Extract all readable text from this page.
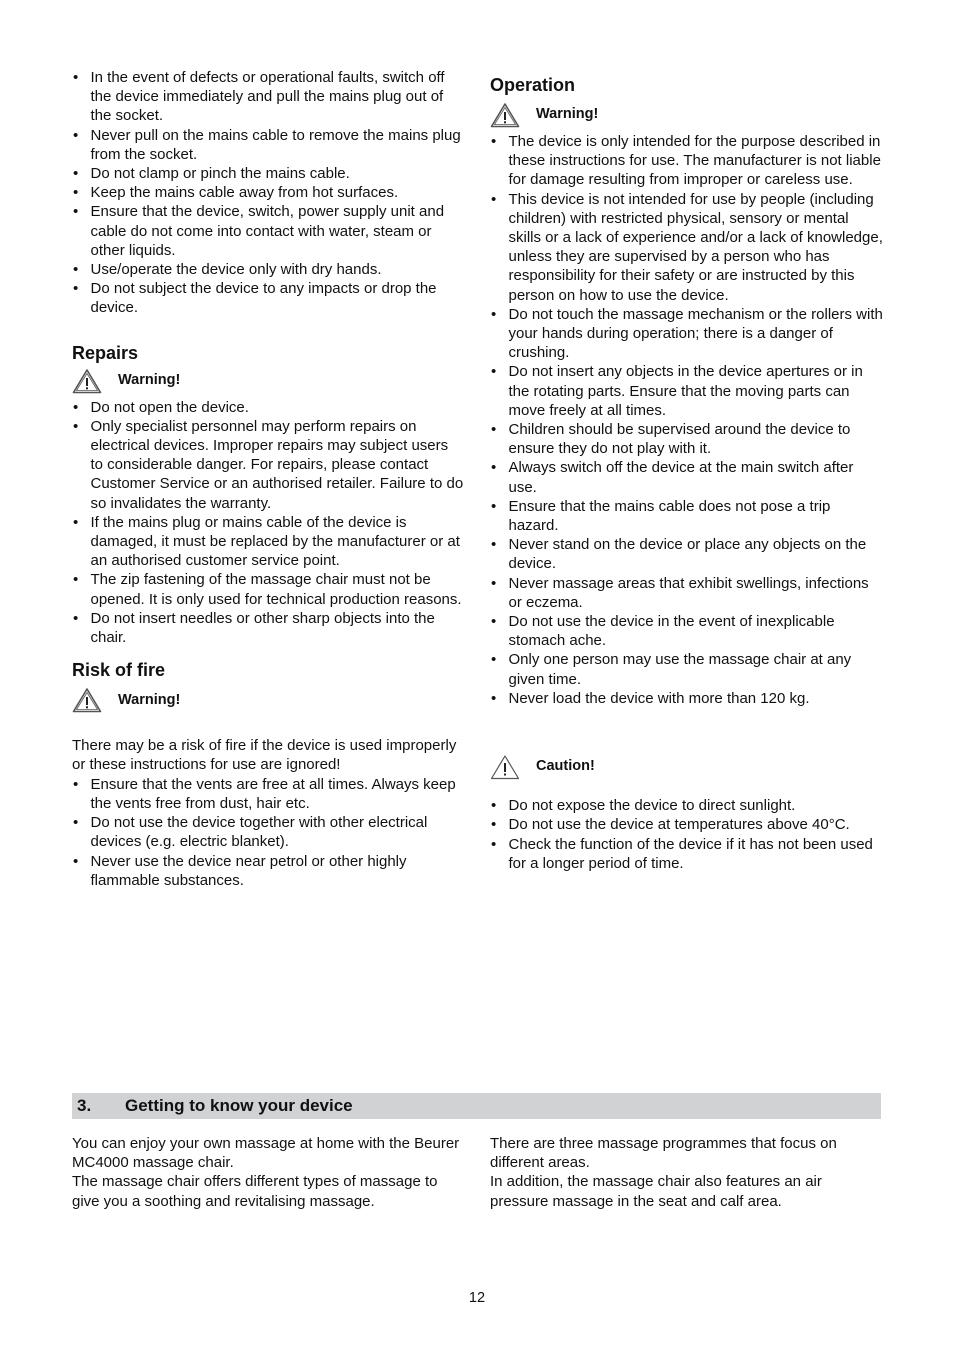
• In the event of defects or operational faults, switch off the device immediately and pull the mains plug out of the socket.
• Never pull on the mains cable to remove the mains plug from the socket.
• Do not clamp or pinch the mains cable.
• Keep the mains cable away from hot surfaces.
• Ensure that the device, switch, power supply unit and cable do not come into contact with water, steam or other liquids.
• Use/operate the device only with dry hands.
• Do not subject the device to any impacts or drop the device.
Repairs
Warning!
• Do not open the device.
• Only specialist personnel may perform repairs on electrical devices. Improper repairs may subject users to considerable danger. For repairs, please contact Customer Service or an authorised retailer. Failure to do so invalidates the warranty.
• If the mains plug or mains cable of the device is damaged, it must be replaced by the manufacturer or at an authorised customer service point.
• The zip fastening of the massage chair must not be opened. It is only used for technical production reasons.
• Do not insert needles or other sharp objects into the chair.
Risk of fire
Warning!

There may be a risk of fire if the device is used improperly or these instructions for use are ignored!

• Ensure that the vents are free at all times. Always keep the vents free from dust, hair etc.
• Do not use the device together with other electrical devices (e.g. electric blanket).
• Never use the device near petrol or other highly flammable substances.
Operation
Warning!
• The device is only intended for the purpose described in these instructions for use. The manufacturer is not liable for damage resulting from improper or careless use.
• This device is not intended for use by people (including children) with restricted physical, sensory or mental skills or a lack of experience and/or a lack of knowledge, unless they are supervised by a person who has responsibility for their safety or are instructed by this person on how to use the device.
• Do not touch the massage mechanism or the rollers with your hands during operation; there is a danger of crushing.
• Do not insert any objects in the device apertures or in the rotating parts. Ensure that the moving parts can move freely at all times.
• Children should be supervised around the device to ensure they do not play with it.
• Always switch off the device at the main switch after use.
• Ensure that the mains cable does not pose a trip hazard.
• Never stand on the device or place any objects on the device.
• Never massage areas that exhibit swellings, infections or eczema.
• Do not use the device in the event of inexplicable stomach ache.
• Only one person may use the massage chair at any given time.
• Never load the device with more than 120 kg.
Caution!
• Do not expose the device to direct sunlight.
• Do not use the device at temperatures above 40°C.
• Check the function of the device if it has not been used for a longer period of time.
3. Getting to know your device

You can enjoy your own massage at home with the Beurer MC4000 massage chair.

The massage chair offers different types of massage to give you a soothing and revitalising massage.

There are three massage programmes that focus on different areas.

In addition, the massage chair also features an air pressure massage in the seat and calf area.

12
